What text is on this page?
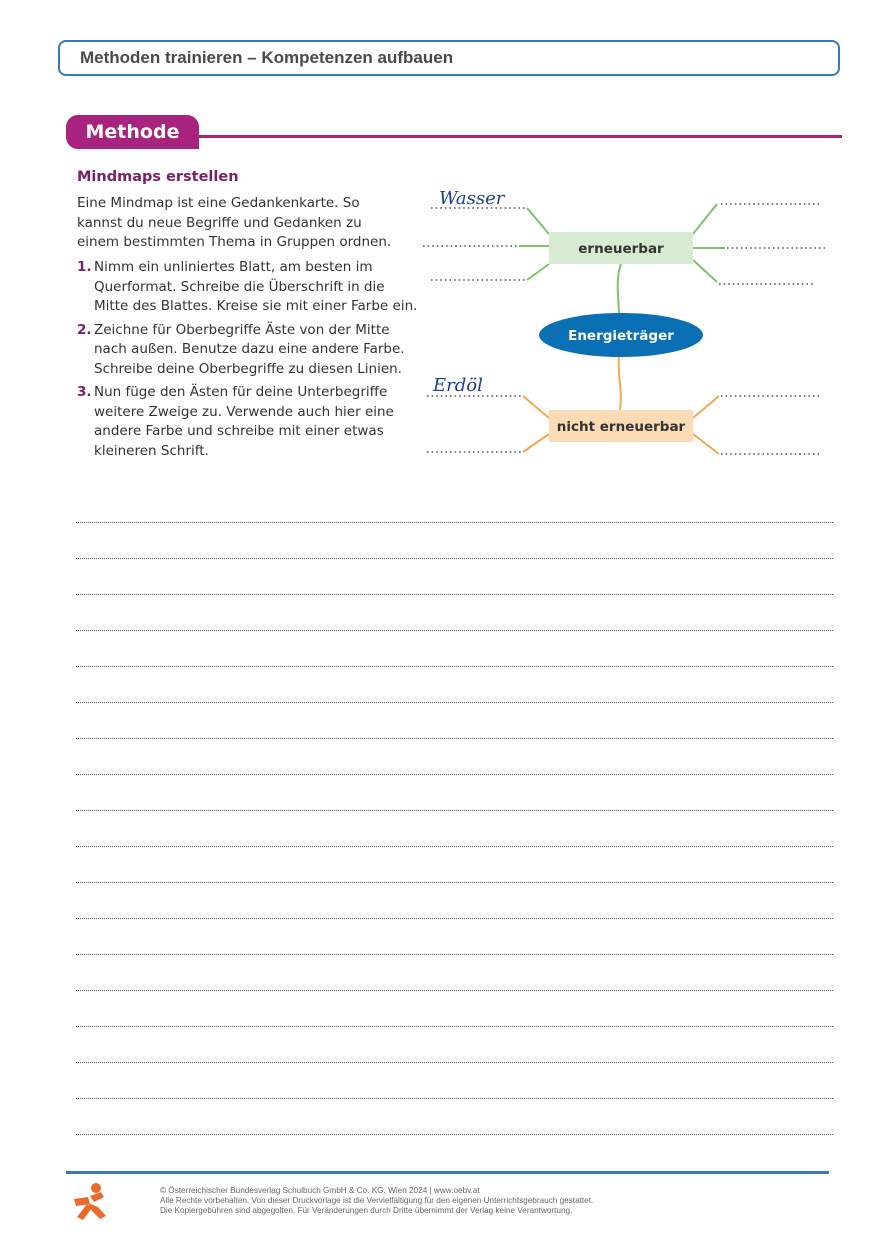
Methoden trainieren – Kompetenzen aufbauen
Methode
Mindmaps erstellen
Eine Mindmap ist eine Gedankenkarte. So
kannst du neue Begriffe und Gedanken zu
einem bestimmten Thema in Gruppen ordnen.
1. Nimm ein unliniertes Blatt, am besten im
Querformat. Schreibe die Überschrift in die
Mitte des Blattes. Kreise sie mit einer Farbe ein.
2. Zeichne für Oberbegriffe Äste von der Mitte
nach außen. Benutze dazu eine andere Farbe.
Schreibe deine Oberbegriffe zu diesen Linien.
3. Nun füge den Ästen für deine Unterbegriffe
weitere Zweige zu. Verwende auch hier eine
andere Farbe und schreibe mit einer etwas
kleineren Schrift.
erneuerbar
nicht erneuerbar
Energieträger
Wasser
Erdöl
© Österreichischer Bundesverlag Schulbuch GmbH & Co. KG, Wien 2024 | www.oebv.at
Alle Rechte vorbehalten. Von dieser Druckvorlage ist die Vervielfältigung für den eigenen Unterrichtsgebrauch gestattet.
Die Kopiergebühren sind abgegolten. Für Veränderungen durch Dritte übernimmt der Verlag keine Verantwortung.
